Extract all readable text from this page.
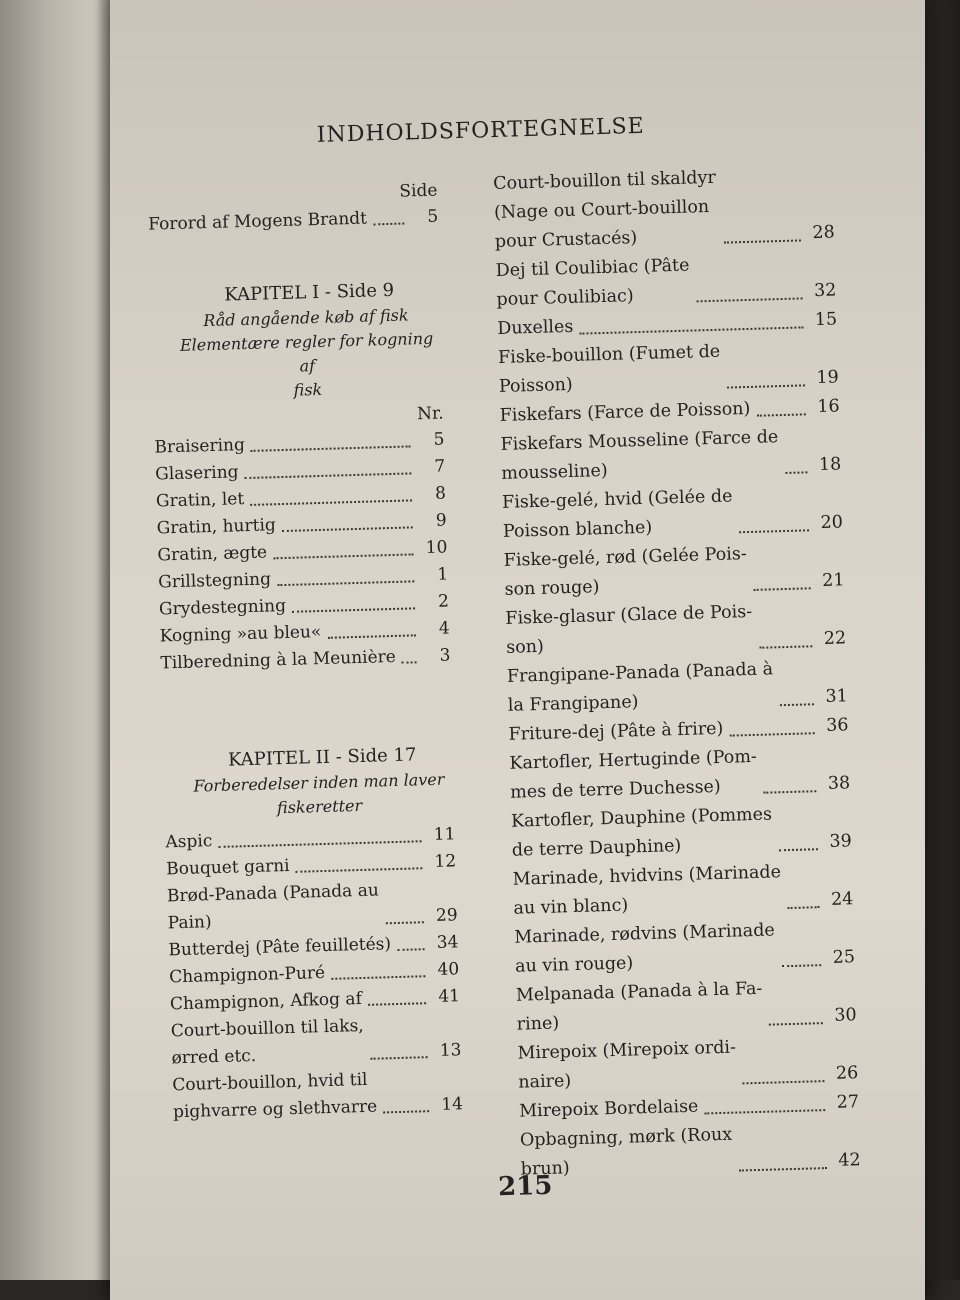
INDHOLDSFORTEGNELSE
Side
Forord af Mogens Brandt	5
KAPITEL I - Side 9
Råd angående køb af fisk
Elementære regler for kogning af
fisk
Nr.
Braisering	5
Glasering	7
Gratin, let	8
Gratin, hurtig	9
Gratin, ægte	10
Grillstegning	1
Grydestegning	2
Kogning »au bleu«	4
Tilberedning à la Meunière	3
KAPITEL II - Side 17
Forberedelser inden man laver
fiskeretter
Aspic	11
Bouquet garni	12
Brød-Panada (Panada au
Pain)	29
Butterdej (Pâte feuilletés)	34
Champignon-Puré	40
Champignon, Afkog af	41
Court-bouillon til laks,
ørred etc.	13
Court-bouillon, hvid til
pighvarre og slethvarre	14
Court-bouillon til skaldyr
(Nage ou Court-bouillon
pour Crustacés)	28
Dej til Coulibiac (Pâte
pour Coulibiac)	32
Duxelles	15
Fiske-bouillon (Fumet de
Poisson)	19
Fiskefars (Farce de Poisson)	16
Fiskefars Mousseline (Farce de
mousseline)	18
Fiske-gelé, hvid (Gelée de
Poisson blanche)	20
Fiske-gelé, rød (Gelée Pois-
son rouge)	21
Fiske-glasur (Glace de Pois-
son)	22
Frangipane-Panada (Panada à
la Frangipane)	31
Friture-dej (Pâte à frire)	36
Kartofler, Hertuginde (Pom-
mes de terre Duchesse)	38
Kartofler, Dauphine (Pommes
de terre Dauphine)	39
Marinade, hvidvins (Marinade
au vin blanc)	24
Marinade, rødvins (Marinade
au vin rouge)	25
Melpanada (Panada à la Fa-
rine)	30
Mirepoix (Mirepoix ordi-
naire)	26
Mirepoix Bordelaise	27
Opbagning, mørk (Roux
brun)	42
215
